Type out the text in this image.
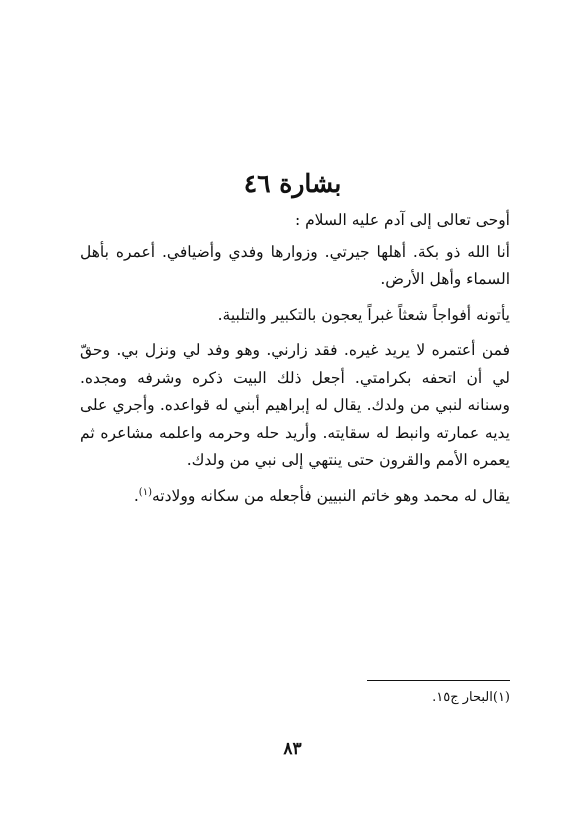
بشارة ٤٦

أوحى تعالى إلى آدم عليه السلام :

أنا الله ذو بكة. أهلها جيرتي. وزوارها وفدي وأضيافي. أعمره بأهل السماء وأهل الأرض.

يأتونه أفواجاً شعثاً غبراً يعجون بالتكبير والتلبية.

فمن أعتمره لا يريد غيره. فقد زارني. وهو وفد لي ونزل بي. وحقّ لي أن اتحفه بكرامتي. أجعل ذلك البيت ذكره وشرفه ومجده. وسنانه لنبي من ولدك. يقال له إبراهيم أبني له قواعده. وأجري على يديه عمارته وانبط له سقايته. وأريد حله وحرمه واعلمه مشاعره ثم يعمره الأمم والقرون حتى ينتهي إلى نبي من ولدك.

يقال له محمد وهو خاتم النبيين فأجعله من سكانه وولادته$^{(١)}$.

(١)البحار ج١٥.
٨٣
